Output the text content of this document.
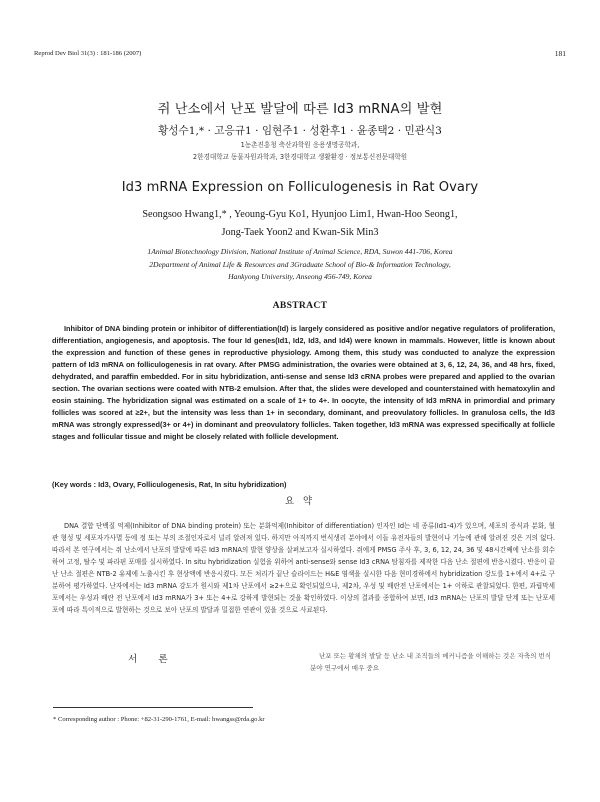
Reprod Dev Biol 31(3) : 181-186 (2007)	181
쥐 난소에서 난포 발달에 따른 Id3 mRNA의 발현
황성수1,* · 고응규1 · 임현주1 · 성환후1 · 윤종택2 · 민관식3
1농촌진흥청 축산과학원 응용생명공학과,
2한경대학교 동물자원과학과, 3한경대학교 생활환경 · 정보통신전문대학원
Id3 mRNA Expression on Folliculogenesis in Rat Ovary
Seongsoo Hwang1,* , Yeoung-Gyu Ko1, Hyunjoo Lim1, Hwan-Hoo Seong1,
Jong-Taek Yoon2 and Kwan-Sik Min3
1Animal Biotechnology Division, National Institute of Animal Science, RDA, Suwon 441-706, Korea
2Department of Animal Life & Resources and 3Graduate School of Bio-& Information Technology,
Hankyong University, Anseong 456-749, Korea
ABSTRACT
Inhibitor of DNA binding protein or inhibitor of differentiation(Id) is largely considered as positive and/or negative regulators of proliferation, differentiation, angiogenesis, and apoptosis. The four Id genes(Id1, Id2, Id3, and Id4) were known in mammals. However, little is known about the expression and function of these genes in reproductive physiology. Among them, this study was conducted to analyze the expression pattern of Id3 mRNA on folliculogenesis in rat ovary. After PMSG administration, the ovaries were obtained at 3, 6, 12, 24, 36, and 48 hrs, fixed, dehydrated, and paraffin embedded. For in situ hybridization, anti-sense and sense Id3 cRNA probes were prepared and applied to the ovarian section. The ovarian sections were coated with NTB-2 emulsion. After that, the slides were developed and counterstained with hematoxylin and eosin staining. The hybridization signal was estimated on a scale of 1+ to 4+. In oocyte, the intensity of Id3 mRNA in primordial and primary follicles was scored at ≥2+, but the intensity was less than 1+ in secondary, dominant, and preovulatory follicles. In granulosa cells, the Id3 mRNA was strongly expressed(3+ or 4+) in dominant and preovulatory follicles. Taken together, Id3 mRNA was expressed specifically at follicle stages and follicular tissue and might be closely related with follicle development.
(Key words : Id3, Ovary, Folliculogenesis, Rat, In situ hybridization)
요 약
DNA 결합 단백질 억제(Inhibitor of DNA binding protein) 또는 분화억제(Inhibitor of differentiation) 인자인 Id는 네 종류(Id1-4)가 있으며, 세포의 증식과 분화, 혈관 형성 및 세포자가사멸 등에 정 또는 부의 조절인자로서 널리 알려져 있다. 하지만 아직까지 번식생리 분야에서 이들 유전자들의 발현이나 기능에 관해 알려진 것은 거의 없다. 따라서 본 연구에서는 쥐 난소에서 난포의 발달에 따른 Id3 mRNA의 발현 양상을 살펴보고자 실시하였다. 쥐에게 PMSG 주사 후, 3, 6, 12, 24, 36 및 48시간째에 난소를 회수하여 고정, 탈수 및 파라핀 포매를 실시하였다. In situ hybridization 실험을 위하여 anti-sense와 sense Id3 cRNA 탐침자를 제작한 다음 난소 절편에 반응시켰다. 반응이 끝난 난소 절편은 NTB-2 유제에 노출시킨 후 현상액에 반응시켰다. 모든 처리가 끝난 슬라이드는 H&E 염색을 실시한 다음 현미경하에서 hybridization 강도를 1+에서 4+로 구분하여 평가하였다. 난자에서는 Id3 mRNA 강도가 원시와 제1차 난포에서 ≥2+으로 확인되었으나, 제2차, 우성 및 배란전 난포에서는 1+ 이하로 관찰되었다. 한편, 과립막세포에서는 우성과 배란 전 난포에서 Id3 mRNA가 3+ 또는 4+로 강하게 발현되는 것을 확인하였다. 이상의 결과를 종합하여 보면, Id3 mRNA는 난포의 발달 단계 또는 난포세포에 따라 특이적으로 발현하는 것으로 보아 난포의 발달과 밀접한 연관이 있을 것으로 사료된다.
서 론	난포 또는 황체의 발달 등 난소 내 조직들의 메커니즘을 이해하는 것은 자축의 번식 분야 연구에서 매우 중요
* Corresponding author : Phone: +82-31-290-1761, E-mail: hwangss@rda.go.kr
